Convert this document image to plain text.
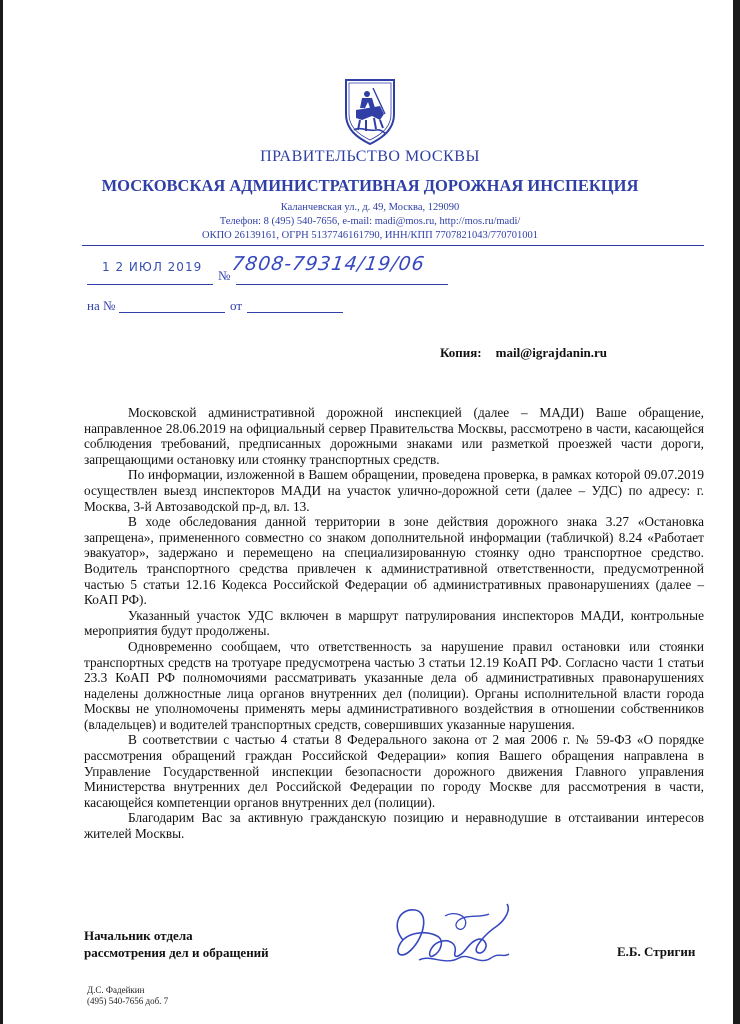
ПРАВИТЕЛЬСТВО МОСКВЫ
МОСКОВСКАЯ АДМИНИСТРАТИВНАЯ ДОРОЖНАЯ ИНСПЕКЦИЯ
Каланчевская ул., д. 49, Москва, 129090
Телефон: 8 (495) 540-7656, e-mail: madi@mos.ru, http://mos.ru/madi/
ОКПО 26139161, ОГРН 5137746161790, ИНН/КПП 7707821043/770701001
1 2 ИЮЛ 2019
№
7808-79314/19/06
на №	от
Копия: mail@igrajdanin.ru

Московской административной дорожной инспекцией (далее – МАДИ) Ваше обращение, направленное 28.06.2019 на официальный сервер Правительства Москвы, рассмотрено в части, касающейся соблюдения требований, предписанных дорожными знаками или разметкой проезжей части дороги, запрещающими остановку или стоянку транспортных средств.

По информации, изложенной в Вашем обращении, проведена проверка, в рамках которой 09.07.2019 осуществлен выезд инспекторов МАДИ на участок улично-дорожной сети (далее – УДС) по адресу: г. Москва, 3-й Автозаводской пр-д, вл. 13.

В ходе обследования данной территории в зоне действия дорожного знака 3.27 «Остановка запрещена», примененного совместно со знаком дополнительной информации (табличкой) 8.24 «Работает эвакуатор», задержано и перемещено на специализированную стоянку одно транспортное средство. Водитель транспортного средства привлечен к административной ответственности, предусмотренной частью 5 статьи 12.16 Кодекса Российской Федерации об административных правонарушениях (далее – КоАП РФ).

Указанный участок УДС включен в маршрут патрулирования инспекторов МАДИ, контрольные мероприятия будут продолжены.

Одновременно сообщаем, что ответственность за нарушение правил остановки или стоянки транспортных средств на тротуаре предусмотрена частью 3 статьи 12.19 КоАП РФ. Согласно части 1 статьи 23.3 КоАП РФ полномочиями рассматривать указанные дела об административных правонарушениях наделены должностные лица органов внутренних дел (полиции). Органы исполнительной власти города Москвы не уполномочены применять меры административного воздействия в отношении собственников (владельцев) и водителей транспортных средств, совершивших указанные нарушения.

В соответствии с частью 4 статьи 8 Федерального закона от 2 мая 2006 г. № 59-ФЗ «О порядке рассмотрения обращений граждан Российской Федерации» копия Вашего обращения направлена в Управление Государственной инспекции безопасности дорожного движения Главного управления Министерства внутренних дел Российской Федерации по городу Москве для рассмотрения в части, касающейся компетенции органов внутренних дел (полиции).

Благодарим Вас за активную гражданскую позицию и неравнодушие в отстаивании интересов жителей Москвы.

Начальник отдела
рассмотрения дел и обращений	Е.Б. Стригин
Д.С. Фадейкин
(495) 540-7656 доб. 7
